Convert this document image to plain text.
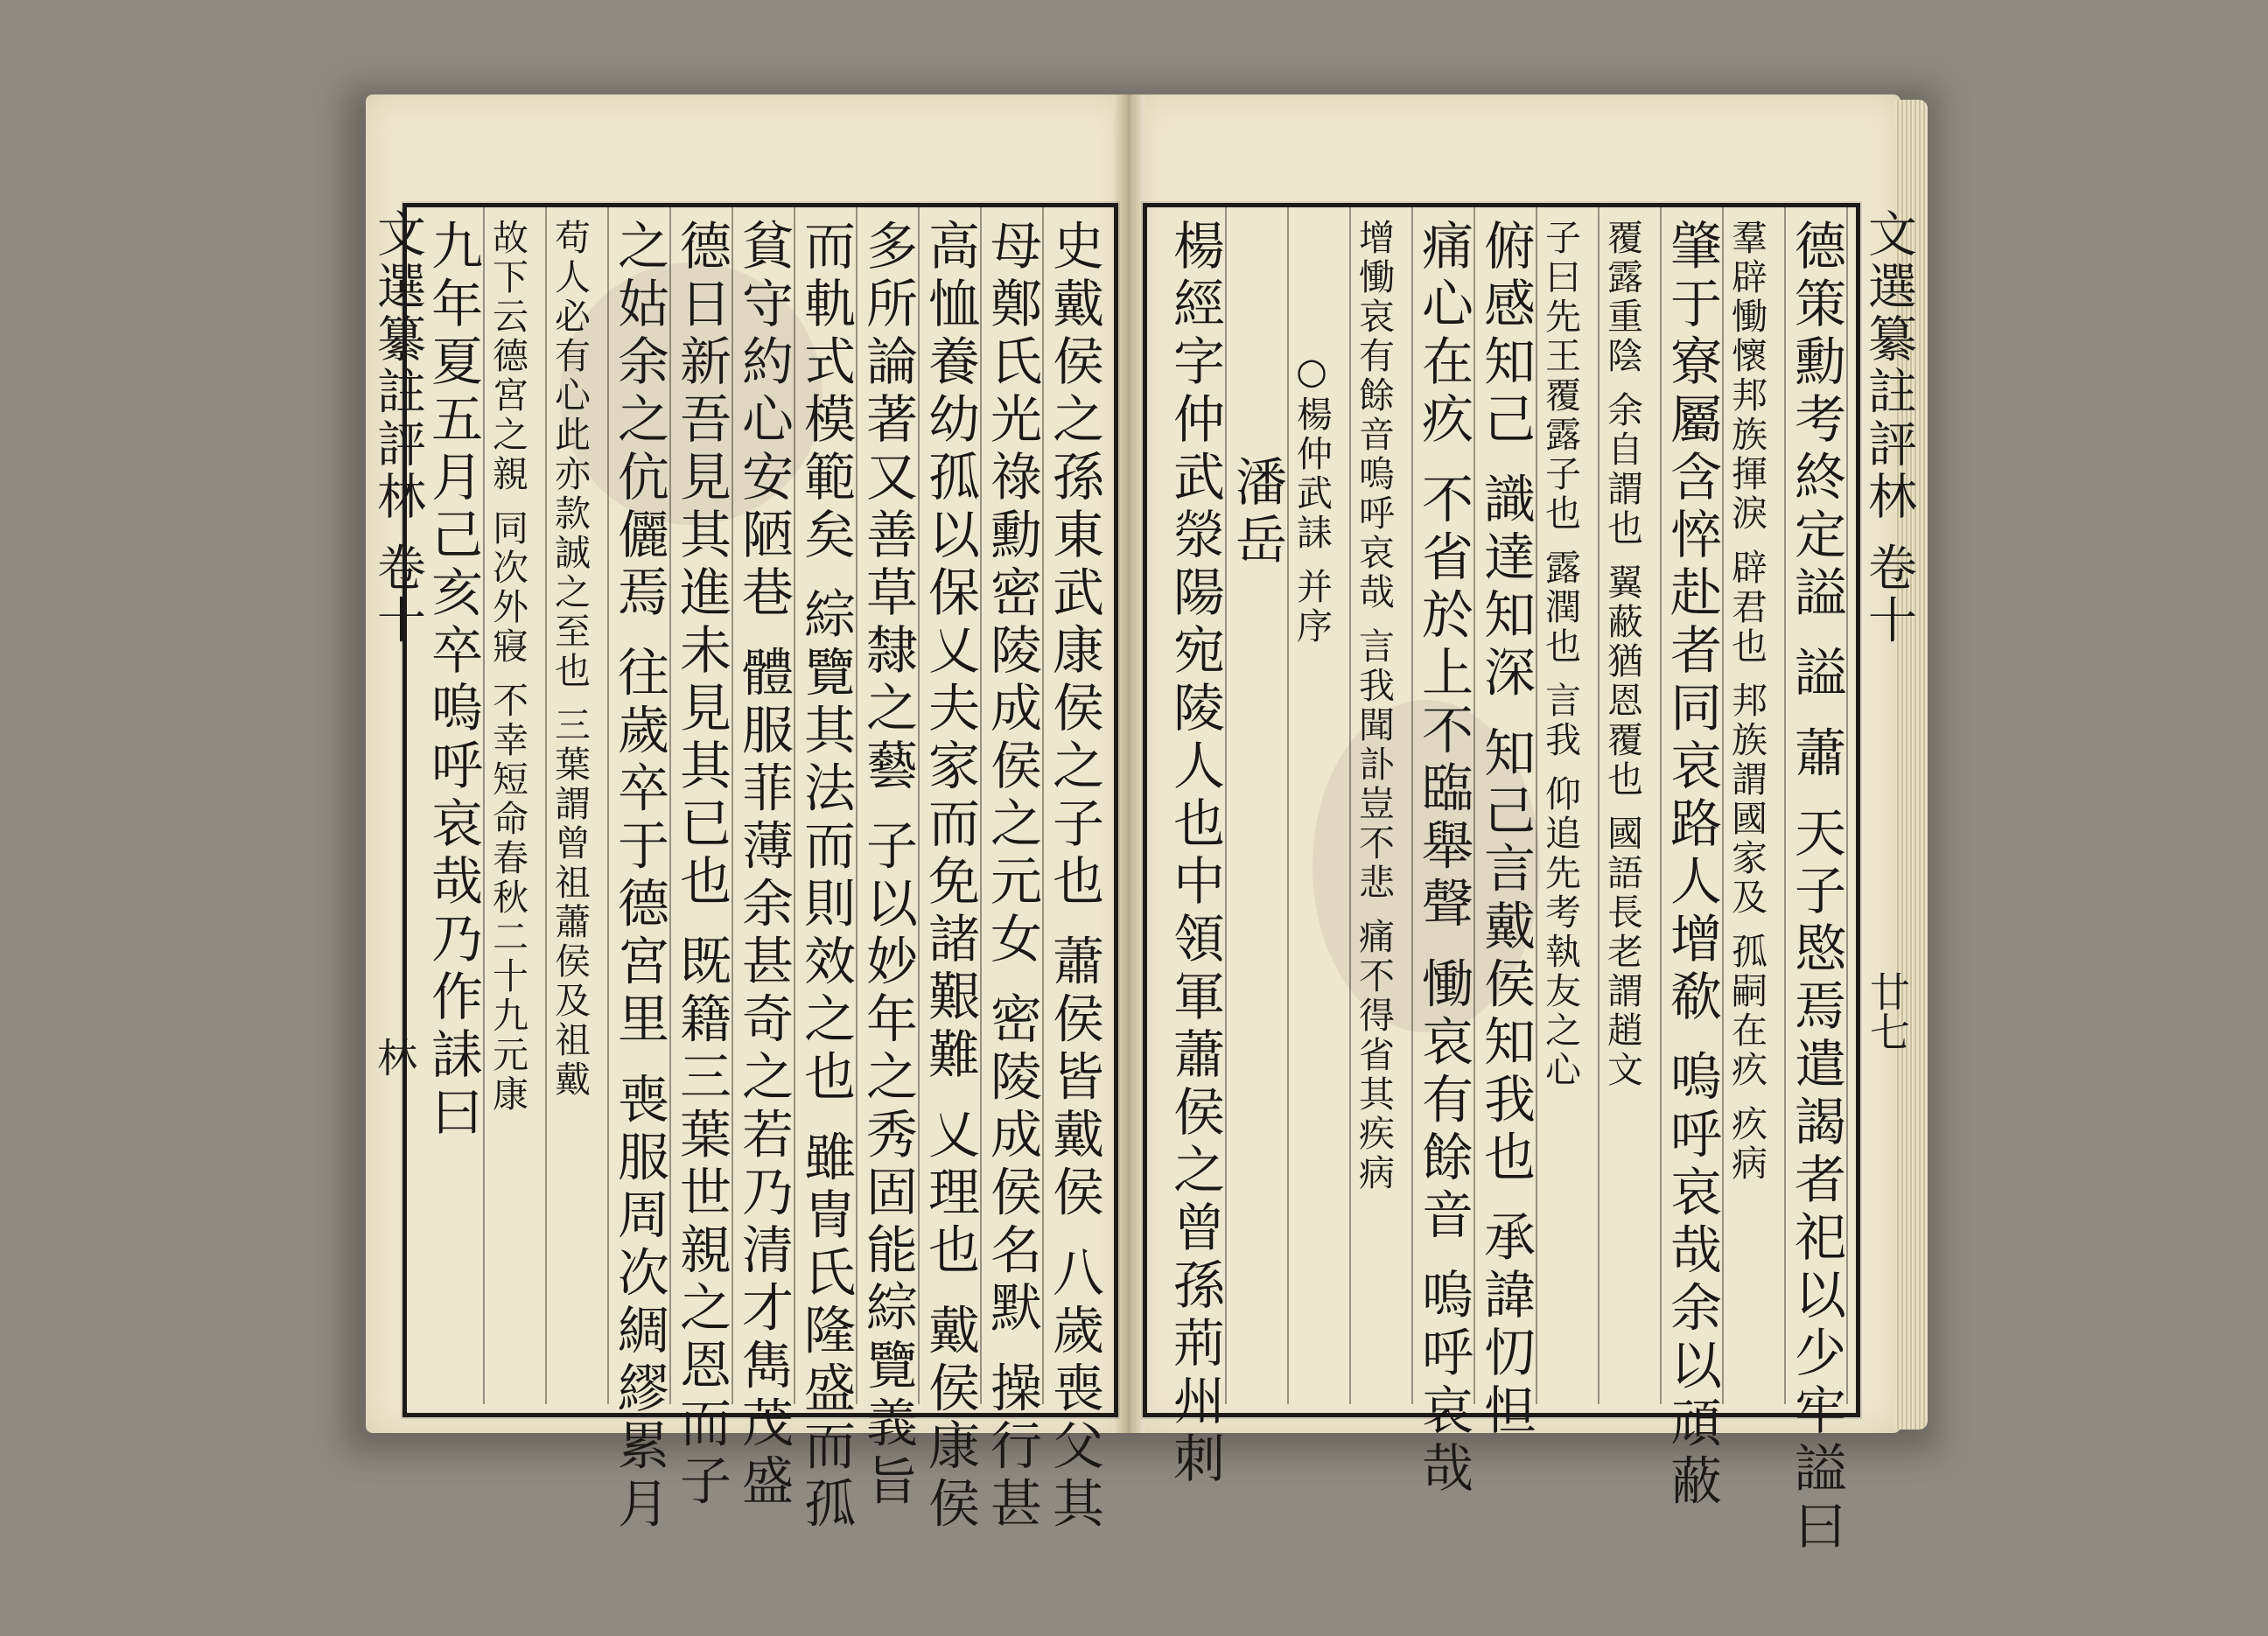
文選纂註評林 卷十
廿七
文選纂註評林 卷十
林	德策勳考終定謚 謚 蕭 天子愍焉遣謁者祀以少牢謚曰
羣辟慟懷邦族揮淚 辟君也 邦族謂國家及 孤嗣在疚 疚病
肇于寮屬含悴赴者同哀路人增欷 嗚呼哀哉余以頑蔽
覆露重陰 余自謂也 翼蔽猶恩覆也 國語長老謂趙文
子曰先王覆露子也 露潤也 言我 仰追先考執友之心
俯感知己 識達知深 知己言戴侯知我也 承諱忉怛
痛心在疚 不省於上不臨舉聲 慟哀有餘音 嗚呼哀哉
增慟哀有餘音嗚呼哀哉 言我聞訃豈不悲 痛不得省其疾病
○楊仲武誄 并序
潘岳
楊經字仲武滎陽宛陵人也中領軍蕭侯之曾孫荊州刺
史戴侯之孫東武康侯之子也 蕭侯皆戴侯 八歲喪父其
母鄭氏光祿勳密陵成侯之元女 密陵成侯名默 操行甚
高恤養幼孤以保乂夫家而免諸艱難 乂理也 戴侯康侯
多所論著又善草隸之藝 子以妙年之秀固能綜覽義旨
而軌式模範矣 綜覽其法而則效之也 雖冑氏隆盛而孤
貧守約心安陋巷 體服菲薄余甚奇之若乃清才雋茂盛
德日新吾見其進未見其已也 既籍三葉世親之恩而子
之姑余之伉儷焉 往歲卒于德宮里 喪服周次綢繆累月
苟人必有心此亦款誠之至也 三葉謂曾祖蕭侯及祖戴
故下云德宮之親 同次外寢 不幸短命春秋二十九元康
九年夏五月己亥卒嗚呼哀哉乃作誄曰
